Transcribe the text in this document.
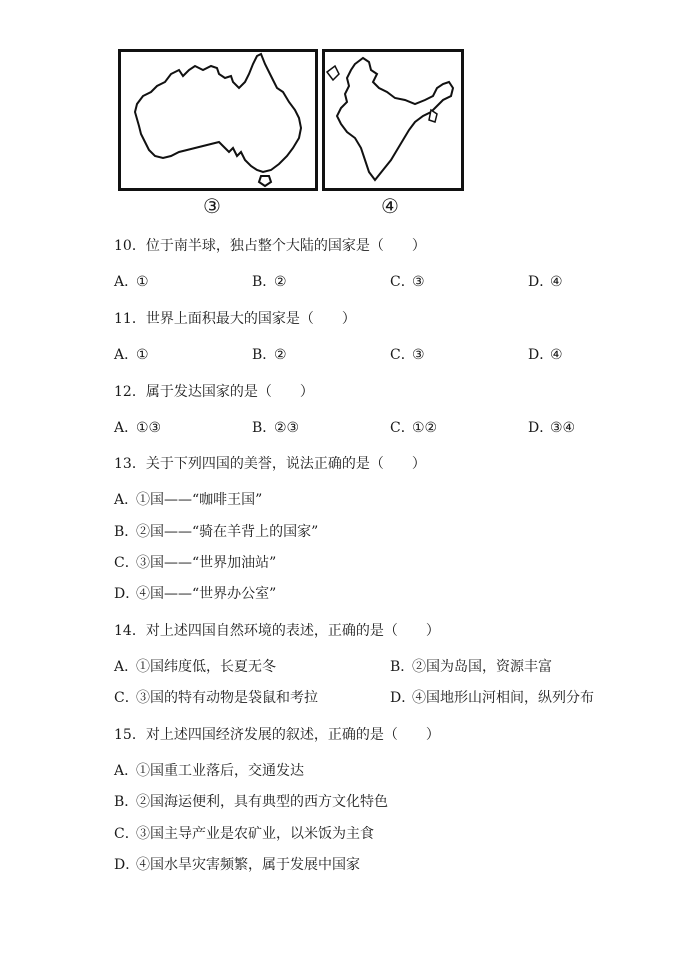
③	④
10．位于南半球，独占整个大陆的国家是（　　）
A．①	B．②	C．③	D．④
11．世界上面积最大的国家是（　　）
A．①	B．②	C．③	D．④
12．属于发达国家的是（　　）
A．①③	B．②③	C．①②	D．③④
13．关于下列四国的美誉，说法正确的是（　　）
A．①国——“咖啡王国”
B．②国——“骑在羊背上的国家”
C．③国——“世界加油站”
D．④国——“世界办公室”
14．对上述四国自然环境的表述，正确的是（　　）
A．①国纬度低，长夏无冬	B．②国为岛国，资源丰富
C．③国的特有动物是袋鼠和考拉	D．④国地形山河相间，纵列分布
15．对上述四国经济发展的叙述，正确的是（　　）
A．①国重工业落后，交通发达
B．②国海运便利，具有典型的西方文化特色
C．③国主导产业是农矿业，以米饭为主食
D．④国水旱灾害频繁，属于发展中国家
